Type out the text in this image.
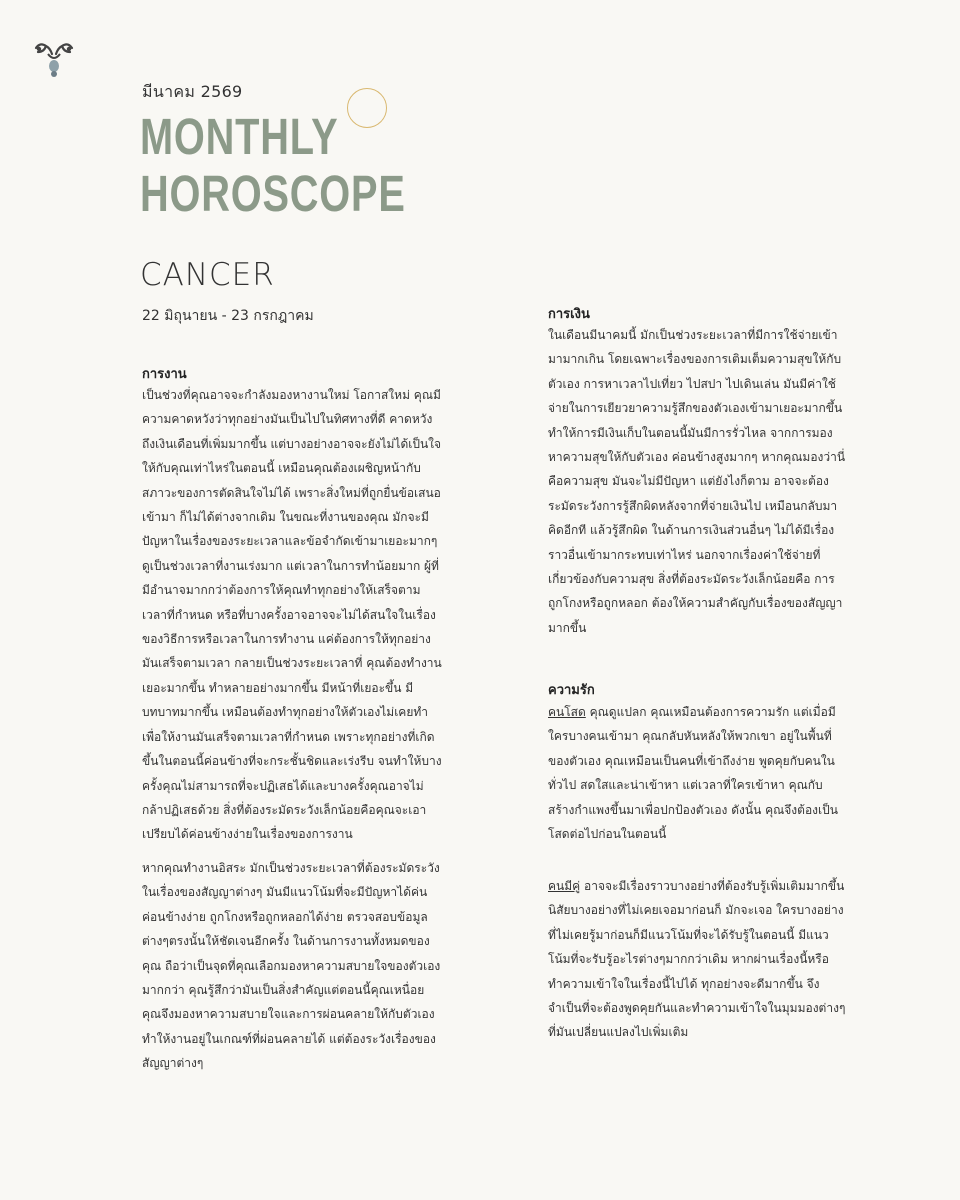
มีนาคม 2569
MONTHLY
HOROSCOPE
CANCER
22 มิถุนายน - 23 กรกฎาคม
การงาน

เป็นช่วงที่คุณอาจจะกำลังมองหางานใหม่ โอกาสใหม่ คุณมีความคาดหวังว่าทุกอย่างมันเป็นไปในทิศทางที่ดี คาดหวังถึงเงินเดือนที่เพิ่มมากขึ้น แต่บางอย่างอาจจะยังไม่ได้เป็นใจให้กับคุณเท่าไหร่ในตอนนี้ เหมือนคุณต้องเผชิญหน้ากับสภาวะของการตัดสินใจไม่ได้ เพราะสิ่งใหม่ที่ถูกยื่นข้อเสนอเข้ามา ก็ไม่ได้ต่างจากเดิม ในขณะที่งานของคุณ มักจะมีปัญหาในเรื่องของระยะเวลาและข้อจำกัดเข้ามาเยอะมากๆ ดูเป็นช่วงเวลาที่งานเร่งมาก แต่เวลาในการทำน้อยมาก ผู้ที่มีอำนาจมากกว่าต้องการให้คุณทำทุกอย่างให้เสร็จตามเวลาที่กำหนด หรือที่บางครั้งอาจอาจจะไม่ได้สนใจในเรื่องของวิธีการหรือเวลาในการทำงาน แค่ต้องการให้ทุกอย่างมันเสร็จตามเวลา กลายเป็นช่วงระยะเวลาที่ คุณต้องทำงานเยอะมากขึ้น ทำหลายอย่างมากขึ้น มีหน้าที่เยอะขึ้น มีบทบาทมากขึ้น เหมือนต้องทำทุกอย่างให้ตัวเองไม่เคยทำเพื่อให้งานมันเสร็จตามเวลาที่กำหนด เพราะทุกอย่างที่เกิดขึ้นในตอนนี้ค่อนข้างที่จะกระชั้นชิดและเร่งรีบ จนทำให้บางครั้งคุณไม่สามารถที่จะปฏิเสธได้และบางครั้งคุณอาจไม่กล้าปฏิเสธด้วย สิ่งที่ต้องระมัดระวังเล็กน้อยคือคุณจะเอาเปรียบได้ค่อนข้างง่ายในเรื่องของการงาน

หากคุณทำงานอิสระ มักเป็นช่วงระยะเวลาที่ต้องระมัดระวังในเรื่องของสัญญาต่างๆ มันมีแนวโน้มที่จะมีปัญหาได้ค่นค่อนข้างง่าย ถูกโกงหรือถูกหลอกได้ง่าย ตรวจสอบข้อมูลต่างๆตรงนั้นให้ชัดเจนอีกครั้ง ในด้านการงานทั้งหมดของคุณ ถือว่าเป็นจุดที่คุณเลือกมองหาความสบายใจของตัวเองมากกว่า คุณรู้สึกว่ามันเป็นสิ่งสำคัญแต่ตอนนี้คุณเหนื่อย คุณจึงมองหาความสบายใจและการผ่อนคลายให้กับตัวเอง ทำให้งานอยู่ในเกณฑ์ที่ผ่อนคลายได้ แต่ต้องระวังเรื่องของสัญญาต่างๆ

การเงิน

ในเดือนมีนาคมนี้ มักเป็นช่วงระยะเวลาที่มีการใช้จ่ายเข้ามามากเกิน โดยเฉพาะเรื่องของการเติมเต็มความสุขให้กับตัวเอง การหาเวลาไปเที่ยว ไปสปา ไปเดินเล่น มันมีค่าใช้จ่ายในการเยียวยาความรู้สึกของตัวเองเข้ามาเยอะมากขึ้น ทำให้การมีเงินเก็บในตอนนี้มันมีการรั่วไหล จากการมองหาความสุขให้กับตัวเอง ค่อนข้างสูงมากๆ หากคุณมองว่านี่คือความสุข มันจะไม่มีปัญหา แต่ยังไงก็ตาม อาจจะต้องระมัดระวังการรู้สึกผิดหลังจากที่จ่ายเงินไป เหมือนกลับมาคิดอีกที แล้วรู้สึกผิด ในด้านการเงินส่วนอื่นๆ ไม่ได้มีเรื่องราวอื่นเข้ามากระทบเท่าไหร่ นอกจากเรื่องค่าใช้จ่ายที่เกี่ยวข้องกับความสุข สิ่งที่ต้องระมัดระวังเล็กน้อยคือ การถูกโกงหรือถูกหลอก ต้องให้ความสำคัญกับเรื่องของสัญญามากขึ้น

ความรัก

คนโสด คุณดูแปลก คุณเหมือนต้องการความรัก แต่เมื่อมีใครบางคนเข้ามา คุณกลับหันหลังให้พวกเขา อยู่ในพื้นที่ของตัวเอง คุณเหมือนเป็นคนที่เข้าถึงง่าย พูดคุยกับคนในทั่วไป สดใสและน่าเข้าหา แต่เวลาที่ใครเข้าหา คุณกับสร้างกำแพงขึ้นมาเพื่อปกป้องตัวเอง ดังนั้น คุณจึงต้องเป็นโสดต่อไปก่อนในตอนนี้

คนมีคู่ อาจจะมีเรื่องราวบางอย่างที่ต้องรับรู้เพิ่มเติมมากขึ้น นิสัยบางอย่างที่ไม่เคยเจอมาก่อนก็ มักจะเจอ ใครบางอย่างที่ไม่เคยรู้มาก่อนก็มีแนวโน้มที่จะได้รับรู้ในตอนนี้ มีแนวโน้มที่จะรับรู้อะไรต่างๆมากกว่าเดิม หากผ่านเรื่องนี้หรือทำความเข้าใจในเรื่องนี้ไปได้ ทุกอย่างจะดีมากขึ้น จึงจำเป็นที่จะต้องพูดคุยกันและทำความเข้าใจในมุมมองต่างๆที่มันเปลี่ยนแปลงไปเพิ่มเติม
